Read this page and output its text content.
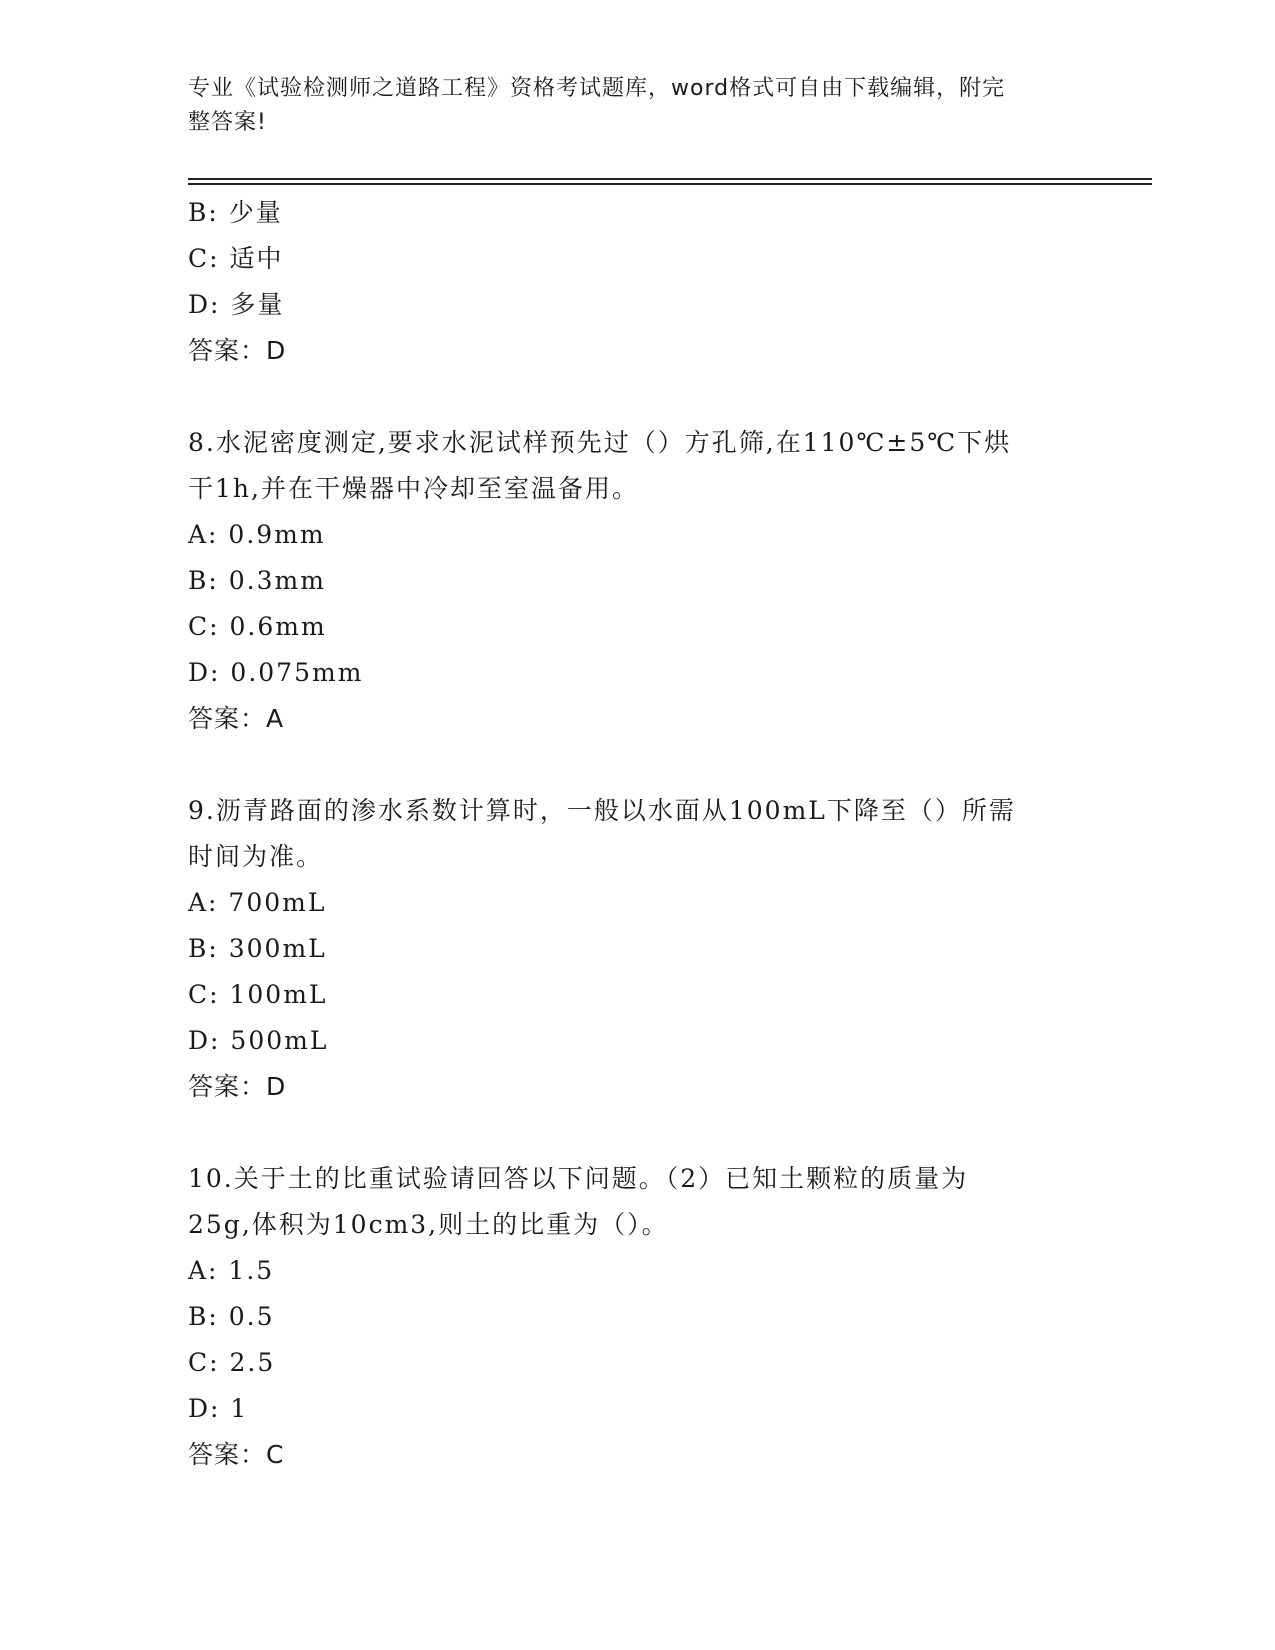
专业《试验检测师之道路工程》资格考试题库，word格式可自由下载编辑，附完
整答案!
B: 少量
C: 适中
D: 多量
答案：D
8.水泥密度测定,要求水泥试样预先过（）方孔筛,在110℃±5℃下烘
干1h,并在干燥器中冷却至室温备用。
A: 0.9mm
B: 0.3mm
C: 0.6mm
D: 0.075mm
答案：A
9.沥青路面的渗水系数计算时，一般以水面从100mL下降至（）所需
时间为准。
A: 700mL
B: 300mL
C: 100mL
D: 500mL
答案：D
10.关于土的比重试验请回答以下问题。（2）已知土颗粒的质量为
25g,体积为10cm3,则土的比重为（）。
A: 1.5
B: 0.5
C: 2.5
D: 1
答案：C
